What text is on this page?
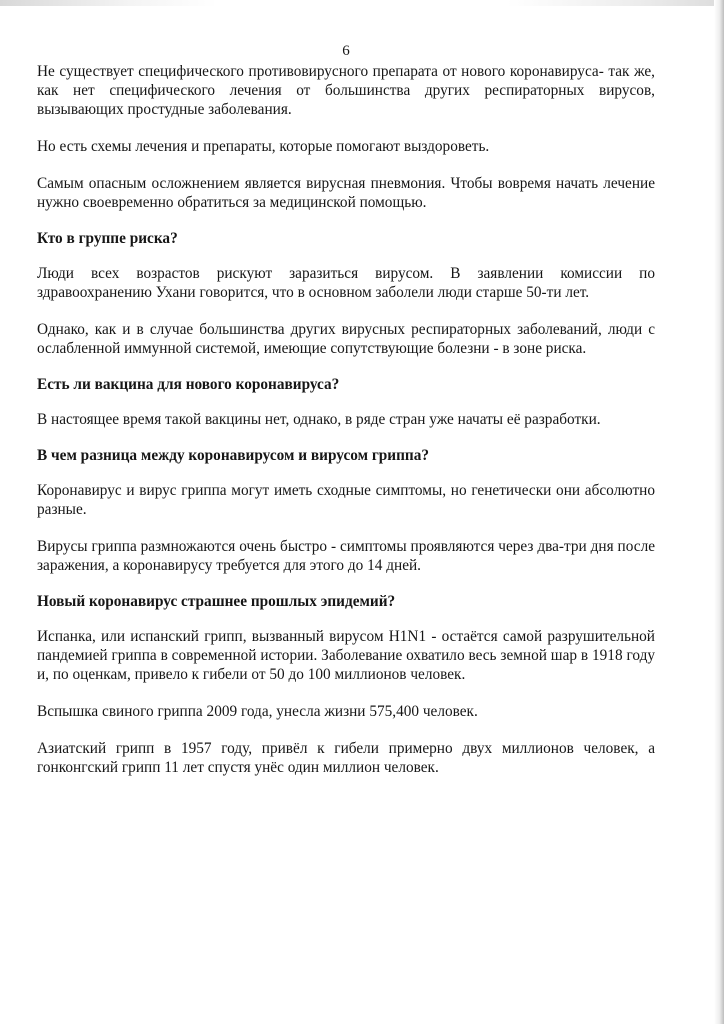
6

Не существует специфического противовирусного препарата от нового коронавируса- так же, как нет специфического лечения от большинства других респираторных вирусов, вызывающих простудные заболевания.

Но есть схемы лечения и препараты, которые помогают выздороветь.

Самым опасным осложнением является вирусная пневмония. Чтобы вовремя начать лечение нужно своевременно обратиться за медицинской помощью.

Кто в группе риска?

Люди всех возрастов рискуют заразиться вирусом. В заявлении комиссии по здравоохранению Ухани говорится, что в основном заболели люди старше 50-ти лет.

Однако, как и в случае большинства других вирусных респираторных заболеваний, люди с ослабленной иммунной системой, имеющие сопутствующие болезни - в зоне риска.

Есть ли вакцина для нового коронавируса?

В настоящее время такой вакцины нет, однако, в ряде стран уже начаты её разработки.

В чем разница между коронавирусом и вирусом гриппа?

Коронавирус и вирус гриппа могут иметь сходные симптомы, но генетически они абсолютно разные.

Вирусы гриппа размножаются очень быстро - симптомы проявляются через два-три дня после заражения, а коронавирусу требуется для этого до 14 дней.

Новый коронавирус страшнее прошлых эпидемий?

Испанка, или испанский грипп, вызванный вирусом H1N1 - остаётся самой разрушительной пандемией гриппа в современной истории. Заболевание охватило весь земной шар в 1918 году и, по оценкам, привело к гибели от 50 до 100 миллионов человек.

Вспышка свиного гриппа 2009 года, унесла жизни 575,400 человек.

Азиатский грипп в 1957 году, привёл к гибели примерно двух миллионов человек, а гонконгский грипп 11 лет спустя унёс один миллион человек.
